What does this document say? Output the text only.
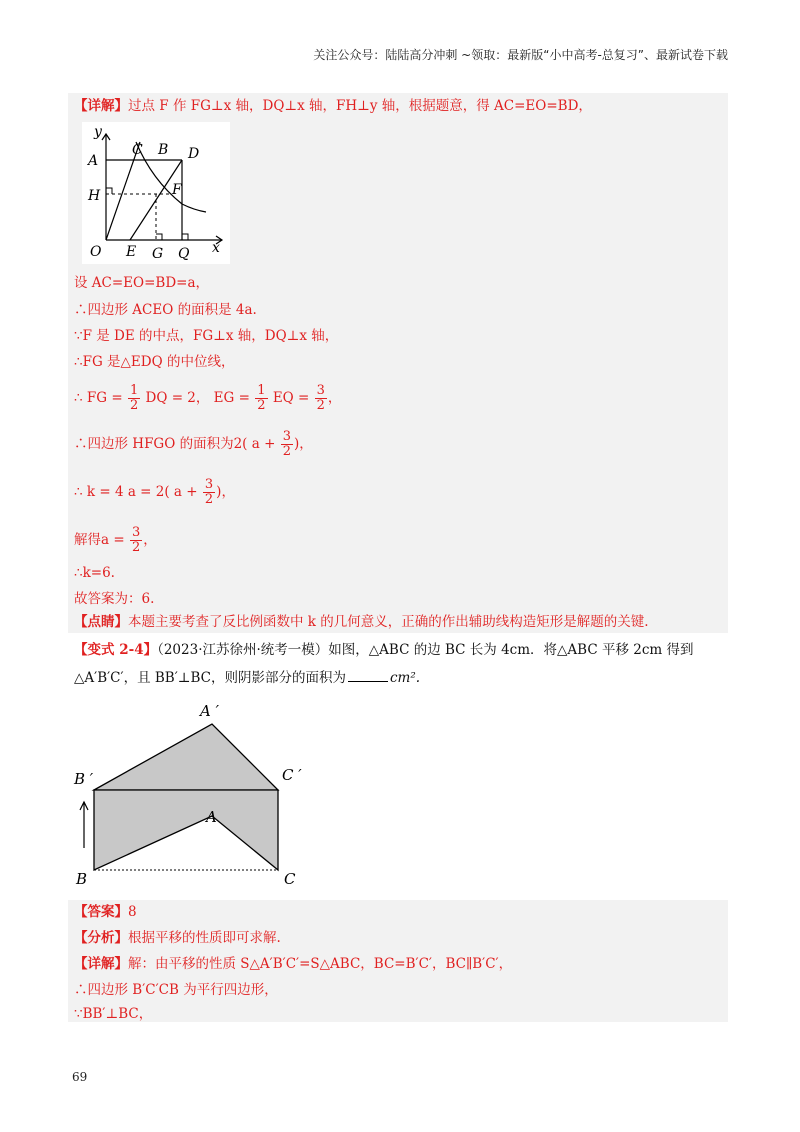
关注公众号：陆陆高分冲刺 ~领取：最新版“小中高考-总复习”、最新试卷下载
【详解】过点 F 作 FG⊥x 轴，DQ⊥x 轴，FH⊥y 轴，根据题意，得 AC=EO=BD，
y
A
C B D
H	F
O E G Q x
设 AC=EO=BD=a，
∴四边形 ACEO 的面积是 4a.
∵F 是 DE 的中点，FG⊥x 轴，DQ⊥x 轴，
∴FG 是△EDQ 的中位线，
∴ FG = $\frac{1}{2}$ DQ = 2， EG = $\frac{1}{2}$ EQ = $\frac{3}{2}$ ，
∴四边形 HFGO 的面积为2( $a + \frac{3}{2}$ )，
∴ k = 4 a = 2( $a + \frac{3}{2}$ )，
解得$a = \frac{3}{2}$ ，
∴k=6.
故答案为：6.
【点睛】本题主要考查了反比例函数中 k 的几何意义，正确的作出辅助线构造矩形是解题的关键.
【变式 2-4】（2023·江苏徐州·统考一模）如图，△ABC 的边 BC 长为 4cm．将△ABC 平移 2cm 得到
△A′B′C′，且 BB′⊥BC，则阴影部分的面积为	cm².
A ′
B ′	C ′
A
B	C
【答案】8
【分析】根据平移的性质即可求解.
【详解】解：由平移的性质 S△A′B′C′=S△ABC，BC=B′C′，BC∥B′C′，
∴四边形 B′C′CB 为平行四边形，
∵BB′⊥BC，
69
